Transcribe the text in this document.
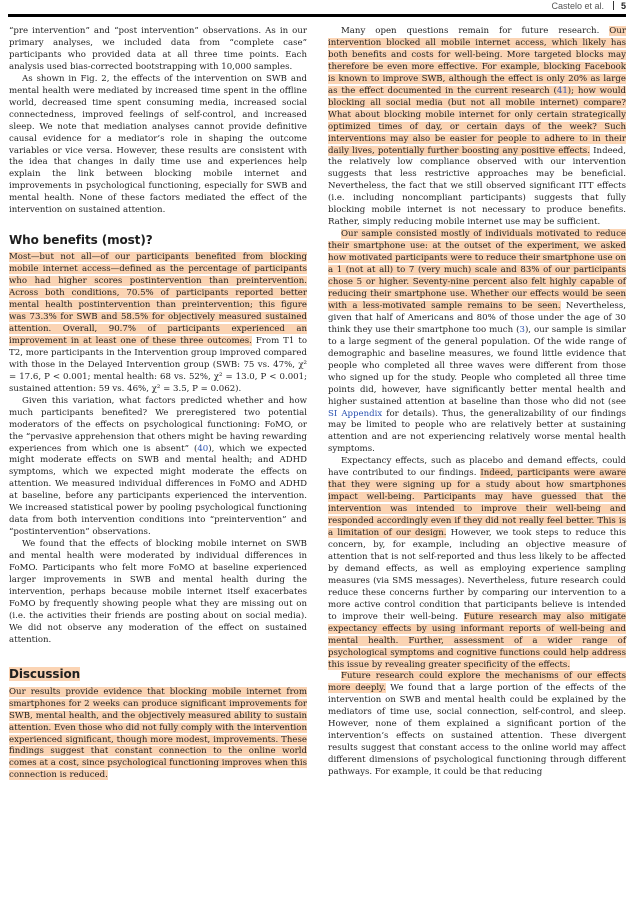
Castelo et al. 5

“pre intervention” and “post intervention” observations. As in our primary analyses, we included data from “complete case” participants who provided data at all three time points. Each analysis used bias-corrected bootstrapping with 10,000 samples.

As shown in Fig. 2, the effects of the intervention on SWB and mental health were mediated by increased time spent in the offline world, decreased time spent consuming media, increased social connectedness, improved feelings of self-control, and increased sleep. We note that mediation analyses cannot provide definitive causal evidence for a mediator’s role in shaping the outcome variables or vice versa. However, these results are consistent with the idea that changes in daily time use and experiences help explain the link between blocking mobile internet and improvements in psychological functioning, especially for SWB and mental health. None of these factors mediated the effect of the intervention on sustained attention.

Who benefits (most)?

Most—but not all—of our participants benefited from blocking mobile internet access—defined as the percentage of participants who had higher scores postintervention than preintervention. Across both conditions, 70.5% of participants reported better mental health postintervention than preintervention; this figure was 73.3% for SWB and 58.5% for objectively measured sustained attention. Overall, 90.7% of participants experienced an improvement in at least one of these three outcomes. From T1 to T2, more participants in the Intervention group improved compared with those in the Delayed Intervention group (SWB: 75 vs. 47%, χ² = 17.6, P < 0.001; mental health: 68 vs. 52%, χ² = 13.0, P < 0.001; sustained attention: 59 vs. 46%, χ² = 3.5, P = 0.062).

Given this variation, what factors predicted whether and how much participants benefited? We preregistered two potential moderators of the effects on psychological functioning: FoMO, or the “pervasive apprehension that others might be having rewarding experiences from which one is absent” (40), which we expected might moderate effects on SWB and mental health; and ADHD symptoms, which we expected might moderate the effects on attention. We measured individual differences in FoMO and ADHD at baseline, before any participants experienced the intervention. We increased statistical power by pooling psychological functioning data from both intervention conditions into “preintervention” and “postintervention” observations.

We found that the effects of blocking mobile internet on SWB and mental health were moderated by individual differences in FoMO. Participants who felt more FoMO at baseline experienced larger improvements in SWB and mental health during the intervention, perhaps because mobile internet itself exacerbates FoMO by frequently showing people what they are missing out on (i.e. the activities their friends are posting about on social media). We did not observe any moderation of the effect on sustained attention.

Discussion

Our results provide evidence that blocking mobile internet from smartphones for 2 weeks can produce significant improvements for SWB, mental health, and the objectively measured ability to sustain attention. Even those who did not fully comply with the intervention experienced significant, though more modest, improvements. These findings suggest that constant connection to the online world comes at a cost, since psychological functioning improves when this connection is reduced.

Many open questions remain for future research. Our intervention blocked all mobile internet access, which likely has both benefits and costs for well-being. More targeted blocks may therefore be even more effective. For example, blocking Facebook is known to improve SWB, although the effect is only 20% as large as the effect documented in the current research (41); how would blocking all social media (but not all mobile internet) compare? What about blocking mobile internet for only certain strategically optimized times of day, or certain days of the week? Such interventions may also be easier for people to adhere to in their daily lives, potentially further boosting any positive effects. Indeed, the relatively low compliance observed with our intervention suggests that less restrictive approaches may be beneficial. Nevertheless, the fact that we still observed significant ITT effects (i.e. including noncompliant participants) suggests that fully blocking mobile internet is not necessary to produce benefits. Rather, simply reducing mobile internet use may be sufficient.

Our sample consisted mostly of individuals motivated to reduce their smartphone use: at the outset of the experiment, we asked how motivated participants were to reduce their smartphone use on a 1 (not at all) to 7 (very much) scale and 83% of our participants chose 5 or higher. Seventy-nine percent also felt highly capable of reducing their smartphone use. Whether our effects would be seen with a less-motivated sample remains to be seen. Nevertheless, given that half of Americans and 80% of those under the age of 30 think they use their smartphone too much (3), our sample is similar to a large segment of the general population. Of the wide range of demographic and baseline measures, we found little evidence that people who completed all three waves were different from those who signed up for the study. People who completed all three time points did, however, have significantly better mental health and higher sustained attention at baseline than those who did not (see SI Appendix for details). Thus, the generalizability of our findings may be limited to people who are relatively better at sustaining attention and are not experiencing relatively worse mental health symptoms.

Expectancy effects, such as placebo and demand effects, could have contributed to our findings. Indeed, participants were aware that they were signing up for a study about how smartphones impact well-being. Participants may have guessed that the intervention was intended to improve their well-being and responded accordingly even if they did not really feel better. This is a limitation of our design. However, we took steps to reduce this concern, by, for example, including an objective measure of attention that is not self-reported and thus less likely to be affected by demand effects, as well as employing experience sampling measures (via SMS messages). Nevertheless, future research could reduce these concerns further by comparing our intervention to a more active control condition that participants believe is intended to improve their well-being. Future research may also mitigate expectancy effects by using informant reports of well-being and mental health. Further, assessment of a wider range of psychological symptoms and cognitive functions could help address this issue by revealing greater specificity of the effects.

Future research could explore the mechanisms of our effects more deeply. We found that a large portion of the effects of the intervention on SWB and mental health could be explained by the mediators of time use, social connection, self-control, and sleep. However, none of them explained a significant portion of the intervention’s effects on sustained attention. These divergent results suggest that constant access to the online world may affect different dimensions of psychological functioning through different pathways. For example, it could be that reducing
